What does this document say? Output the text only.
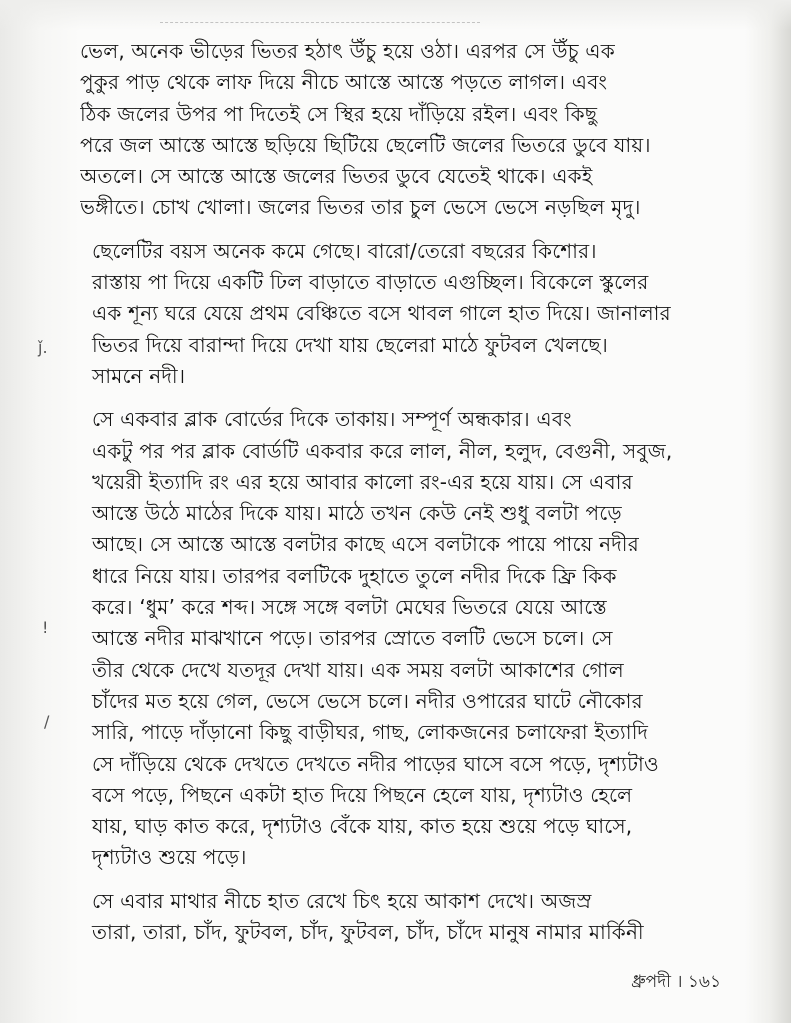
ǰ.
!
/

ভেল, অনেক ভীড়ের ভিতর হঠাৎ উঁচু হয়ে ওঠা। এরপর সে উঁচু এক
পুকুর পাড় থেকে লাফ দিয়ে নীচে আস্তে আস্তে পড়তে লাগল। এবং
ঠিক জলের উপর পা দিতেই সে স্থির হয়ে দাঁড়িয়ে রইল। এবং কিছু
পরে জল আস্তে আস্তে ছড়িয়ে ছিটিয়ে ছেলেটি জলের ভিতরে ডুবে যায়।
অতলে। সে আস্তে আস্তে জলের ভিতর ডুবে যেতেই থাকে। একই
ভঙ্গীতে। চোখ খোলা। জলের ভিতর তার চুল ভেসে ভেসে নড়ছিল মৃদু।

ছেলেটির বয়স অনেক কমে গেছে। বারো/তেরো বছরের কিশোর।
রাস্তায় পা দিয়ে একটি ঢিল বাড়াতে বাড়াতে এগুচ্ছিল। বিকেলে স্কুলের
এক শূন্য ঘরে যেয়ে প্রথম বেঞ্চিতে বসে থাবল গালে হাত দিয়ে। জানালার
ভিতর দিয়ে বারান্দা দিয়ে দেখা যায় ছেলেরা মাঠে ফুটবল খেলছে।
সামনে নদী।

সে একবার ব্লাক বোর্ডের দিকে তাকায়। সম্পূর্ণ অন্ধকার। এবং
একটু পর পর ব্লাক বোর্ডটি একবার করে লাল, নীল, হলুদ, বেগুনী, সবুজ,
খয়েরী ইত্যাদি রং এর হয়ে আবার কালো রং-এর হয়ে যায়। সে এবার
আস্তে উঠে মাঠের দিকে যায়। মাঠে তখন কেউ নেই শুধু বলটা পড়ে
আছে। সে আস্তে আস্তে বলটার কাছে এসে বলটাকে পায়ে পায়ে নদীর
ধারে নিয়ে যায়। তারপর বলটিকে দুহাতে তুলে নদীর দিকে ফ্রি কিক
করে। ‘ধুম’ করে শব্দ। সঙ্গে সঙ্গে বলটা মেঘের ভিতরে যেয়ে আস্তে
আস্তে নদীর মাঝখানে পড়ে। তারপর স্রোতে বলটি ভেসে চলে। সে
তীর থেকে দেখে যতদূর দেখা যায়। এক সময় বলটা আকাশের গোল
চাঁদের মত হয়ে গেল, ভেসে ভেসে চলে। নদীর ওপারের ঘাটে নৌকোর
সারি, পাড়ে দাঁড়ানো কিছু বাড়ীঘর, গাছ, লোকজনের চলাফেরা ইত্যাদি
সে দাঁড়িয়ে থেকে দেখতে দেখতে নদীর পাড়ের ঘাসে বসে পড়ে, দৃশ্যটাও
বসে পড়ে, পিছনে একটা হাত দিয়ে পিছনে হেলে যায়, দৃশ্যটাও হেলে
যায়, ঘাড় কাত করে, দৃশ্যটাও বেঁকে যায়, কাত হয়ে শুয়ে পড়ে ঘাসে,
দৃশ্যটাও শুয়ে পড়ে।

সে এবার মাথার নীচে হাত রেখে চিৎ হয়ে আকাশ দেখে। অজস্র
তারা, তারা, চাঁদ, ফুটবল, চাঁদ, ফুটবল, চাঁদ, চাঁদে মানুষ নামার মার্কিনী

ধ্রুপদী । ১৬১
